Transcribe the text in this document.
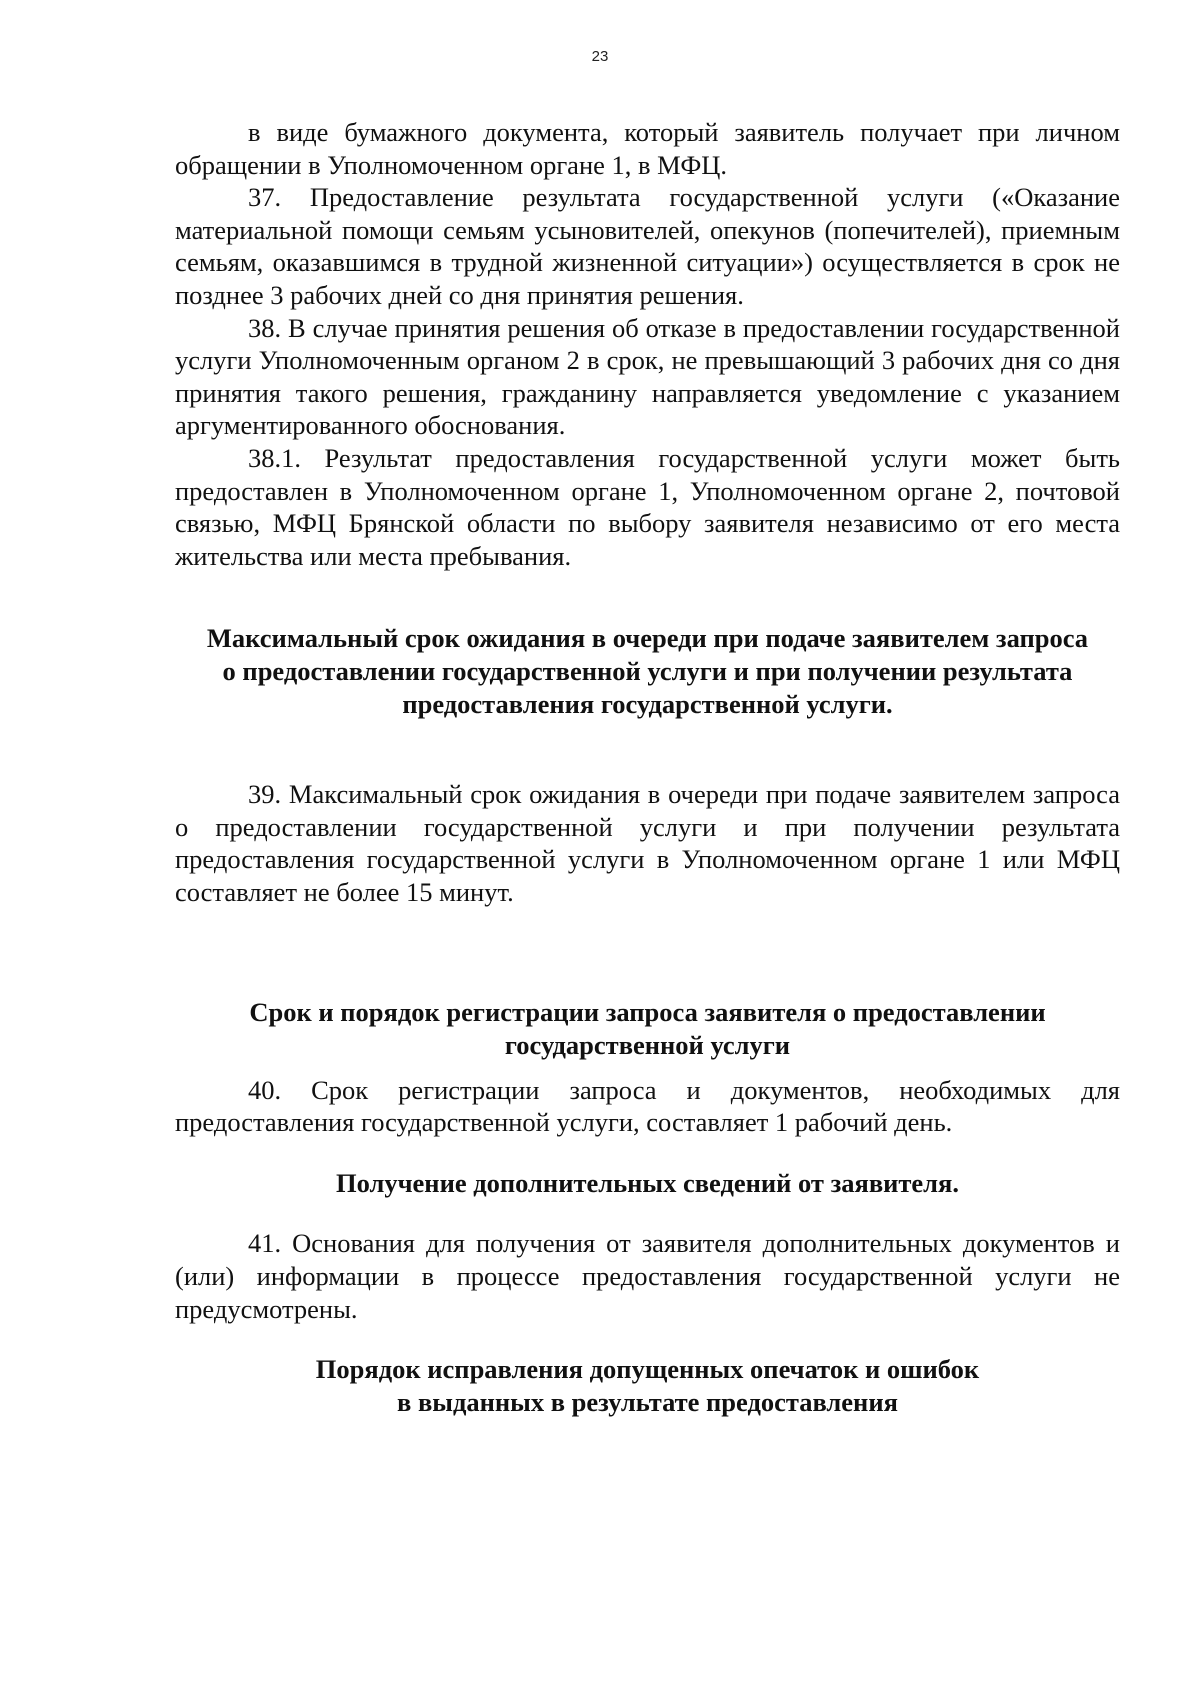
23

в виде бумажного документа, который заявитель получает при личном обращении в Уполномоченном органе 1, в МФЦ.

37. Предоставление результата государственной услуги («Оказание материальной помощи семьям усыновителей, опекунов (попечителей), приемным семьям, оказавшимся в трудной жизненной ситуации») осуществляется в срок не позднее 3 рабочих дней со дня принятия решения.

38. В случае принятия решения об отказе в предоставлении государственной услуги Уполномоченным органом 2 в срок, не превышающий 3 рабочих дня со дня принятия такого решения, гражданину направляется уведомление с указанием аргументированного обоснования.

38.1. Результат предоставления государственной услуги может быть предоставлен в Уполномоченном органе 1, Уполномоченном органе 2, почтовой связью, МФЦ Брянской области по выбору заявителя независимо от его места жительства или места пребывания.

Максимальный срок ожидания в очереди при подаче заявителем запроса
о предоставлении государственной услуги и при получении результата
предоставления государственной услуги.

39. Максимальный срок ожидания в очереди при подаче заявителем запроса о предоставлении государственной услуги и при получении результата предоставления государственной услуги в Уполномоченном органе 1 или МФЦ составляет не более 15 минут.

Срок и порядок регистрации запроса заявителя о предоставлении
государственной услуги

40. Срок регистрации запроса и документов, необходимых для предоставления государственной услуги, составляет 1 рабочий день.

Получение дополнительных сведений от заявителя.

41. Основания для получения от заявителя дополнительных документов и (или) информации в процессе предоставления государственной услуги не предусмотрены.

Порядок исправления допущенных опечаток и ошибок
в выданных в результате предоставления
